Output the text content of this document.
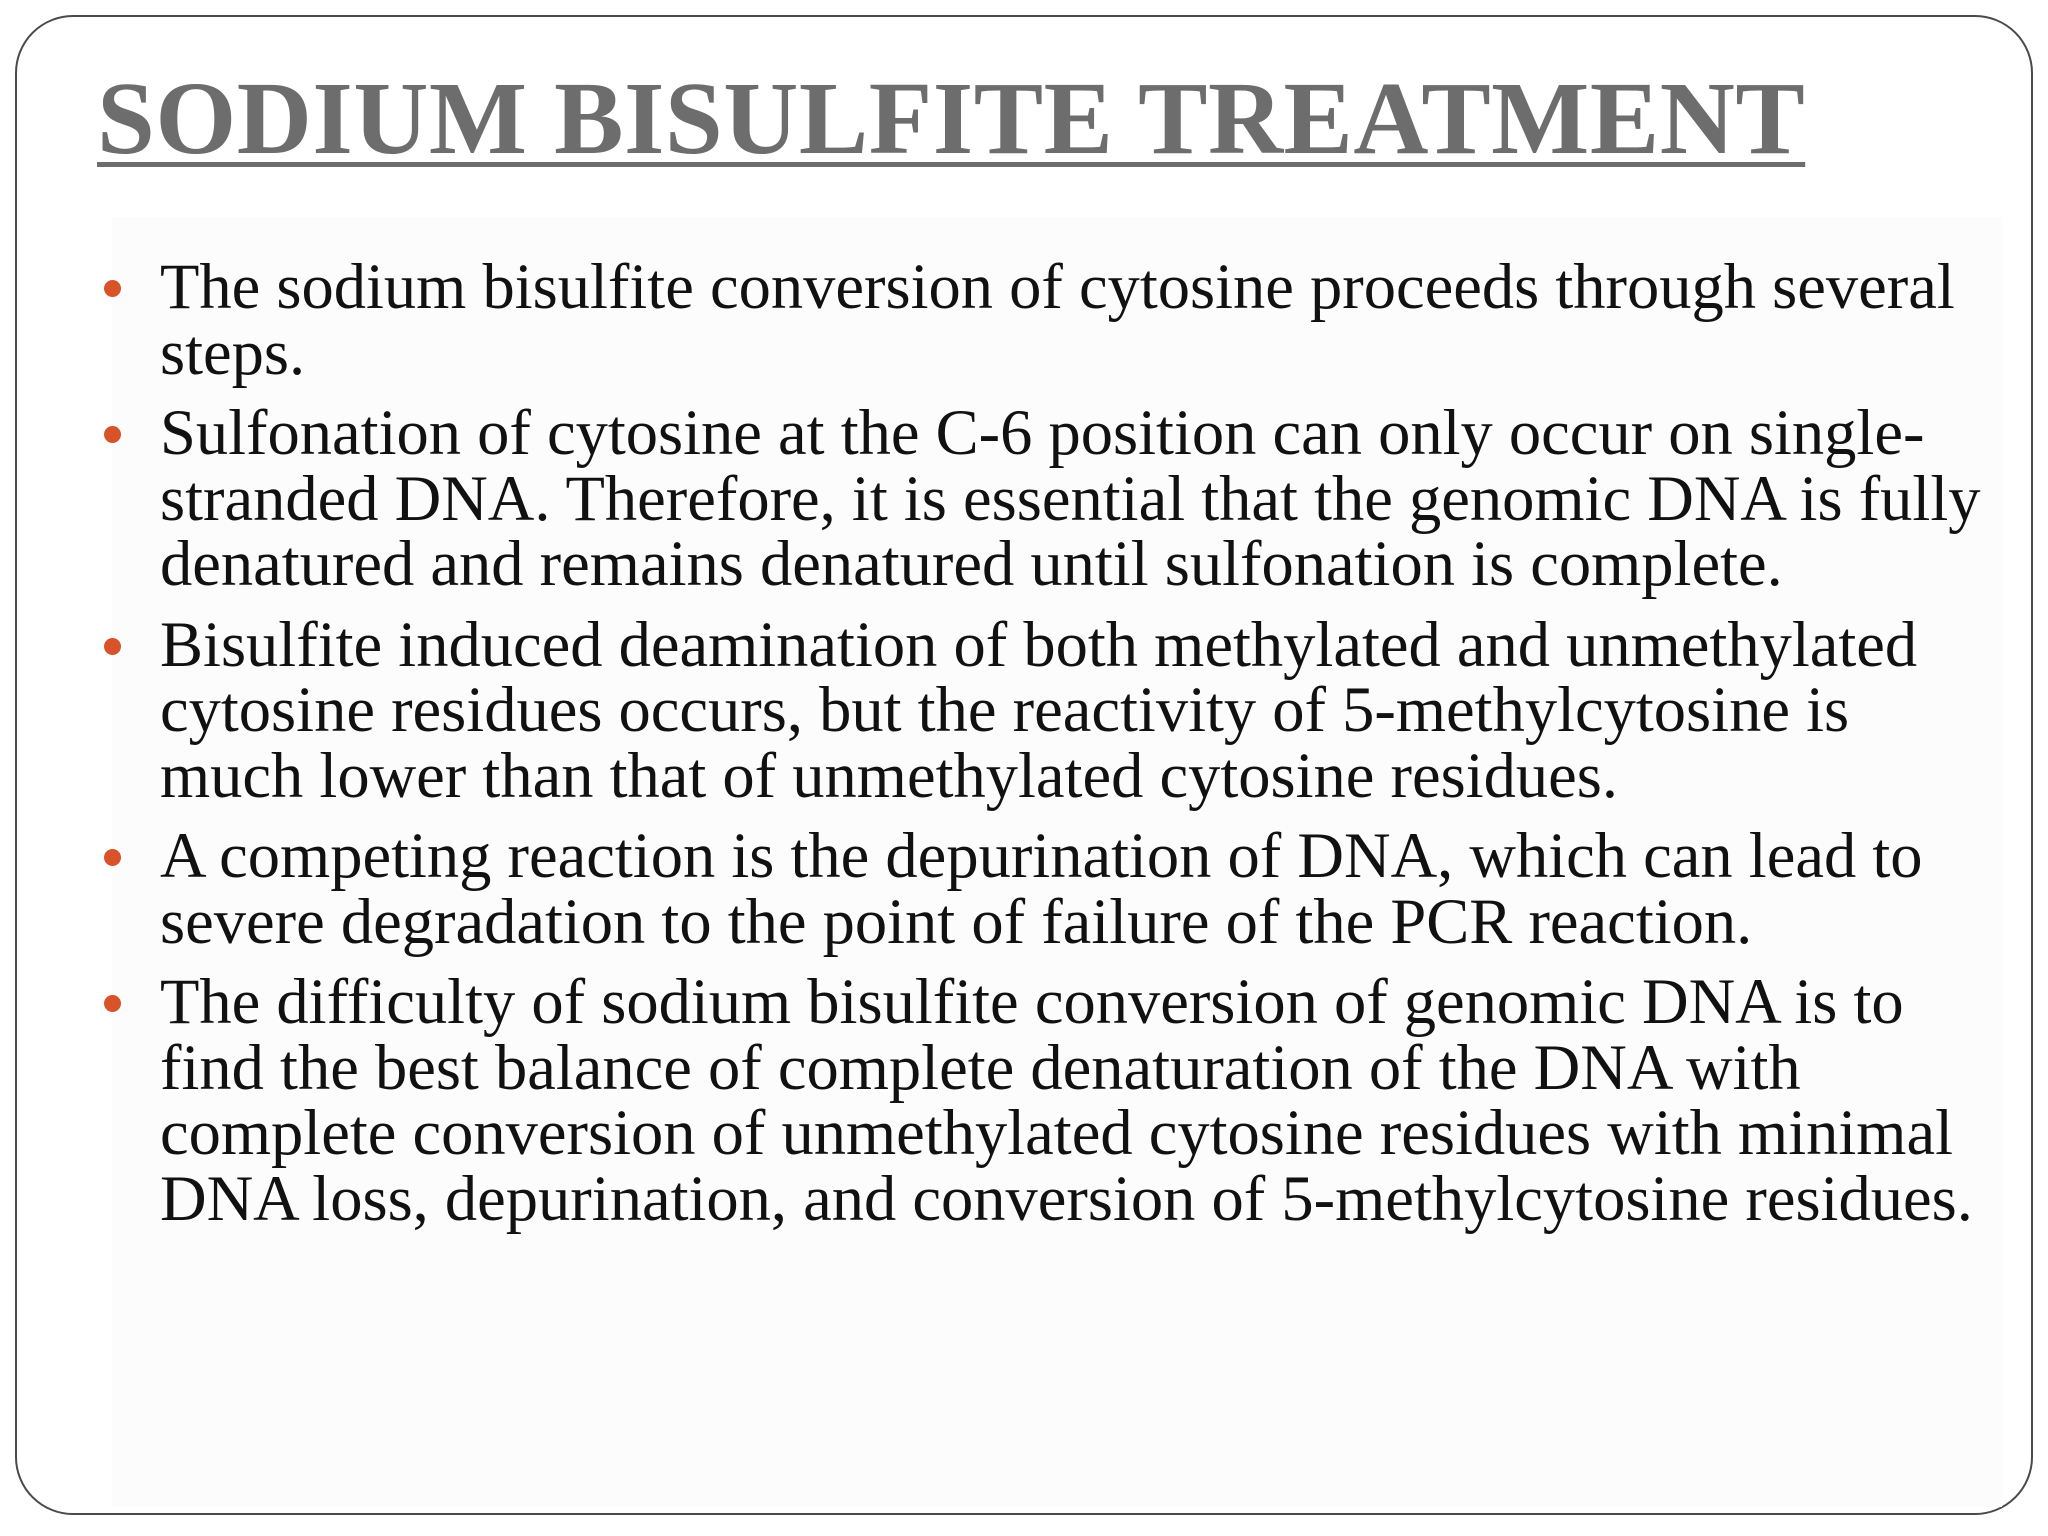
SODIUM BISULFITE TREATMENT
The sodium bisulfite conversion of cytosine proceeds through several steps.
Sulfonation of cytosine at the C-6 position can only occur on single-stranded DNA. Therefore, it is essential that the genomic DNA is fully denatured and remains denatured until sulfonation is complete.
Bisulfite induced deamination of both methylated and unmethylated cytosine residues occurs, but the reactivity of 5-methylcytosine is much lower than that of unmethylated cytosine residues.
A competing reaction is the depurination of DNA, which can lead to severe degradation to the point of failure of the PCR reaction.
The difficulty of sodium bisulfite conversion of genomic DNA is to find the best balance of complete denaturation of the DNA with complete conversion of unmethylated cytosine residues with minimal DNA loss, depurination, and conversion of 5-methylcytosine residues.
